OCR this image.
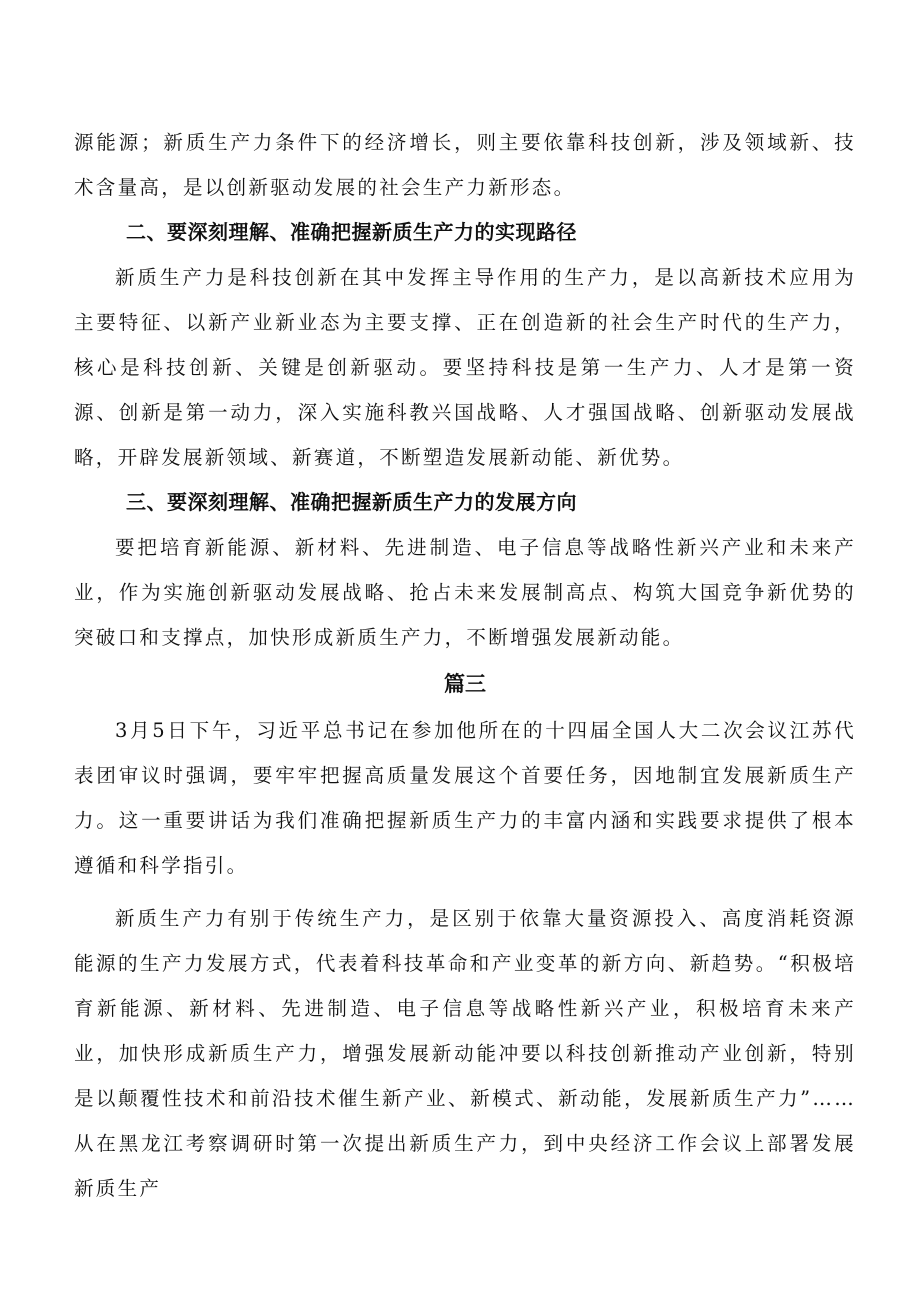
源能源；新质生产力条件下的经济增长，则主要依靠科技创新，涉及领域新、技术含量高，是以创新驱动发展的社会生产力新形态。

二、要深刻理解、准确把握新质生产力的实现路径

新质生产力是科技创新在其中发挥主导作用的生产力，是以高新技术应用为主要特征、以新产业新业态为主要支撑、正在创造新的社会生产时代的生产力，核心是科技创新、关键是创新驱动。要坚持科技是第一生产力、人才是第一资源、创新是第一动力，深入实施科教兴国战略、人才强国战略、创新驱动发展战略，开辟发展新领域、新赛道，不断塑造发展新动能、新优势。

三、要深刻理解、准确把握新质生产力的发展方向

要把培育新能源、新材料、先进制造、电子信息等战略性新兴产业和未来产业，作为实施创新驱动发展战略、抢占未来发展制高点、构筑大国竞争新优势的突破口和支撑点，加快形成新质生产力，不断增强发展新动能。

篇三

3月5日下午，习近平总书记在参加他所在的十四届全国人大二次会议江苏代表团审议时强调，要牢牢把握高质量发展这个首要任务，因地制宜发展新质生产力。这一重要讲话为我们准确把握新质生产力的丰富内涵和实践要求提供了根本遵循和科学指引。

新质生产力有别于传统生产力，是区别于依靠大量资源投入、高度消耗资源能源的生产力发展方式，代表着科技革命和产业变革的新方向、新趋势。“积极培育新能源、新材料、先进制造、电子信息等战略性新兴产业，积极培育未来产业，加快形成新质生产力，增强发展新动能冲要以科技创新推动产业创新，特别是以颠覆性技术和前沿技术催生新产业、新模式、新动能，发展新质生产力”……从在黑龙江考察调研时第一次提出新质生产力，到中央经济工作会议上部署发展新质生产
